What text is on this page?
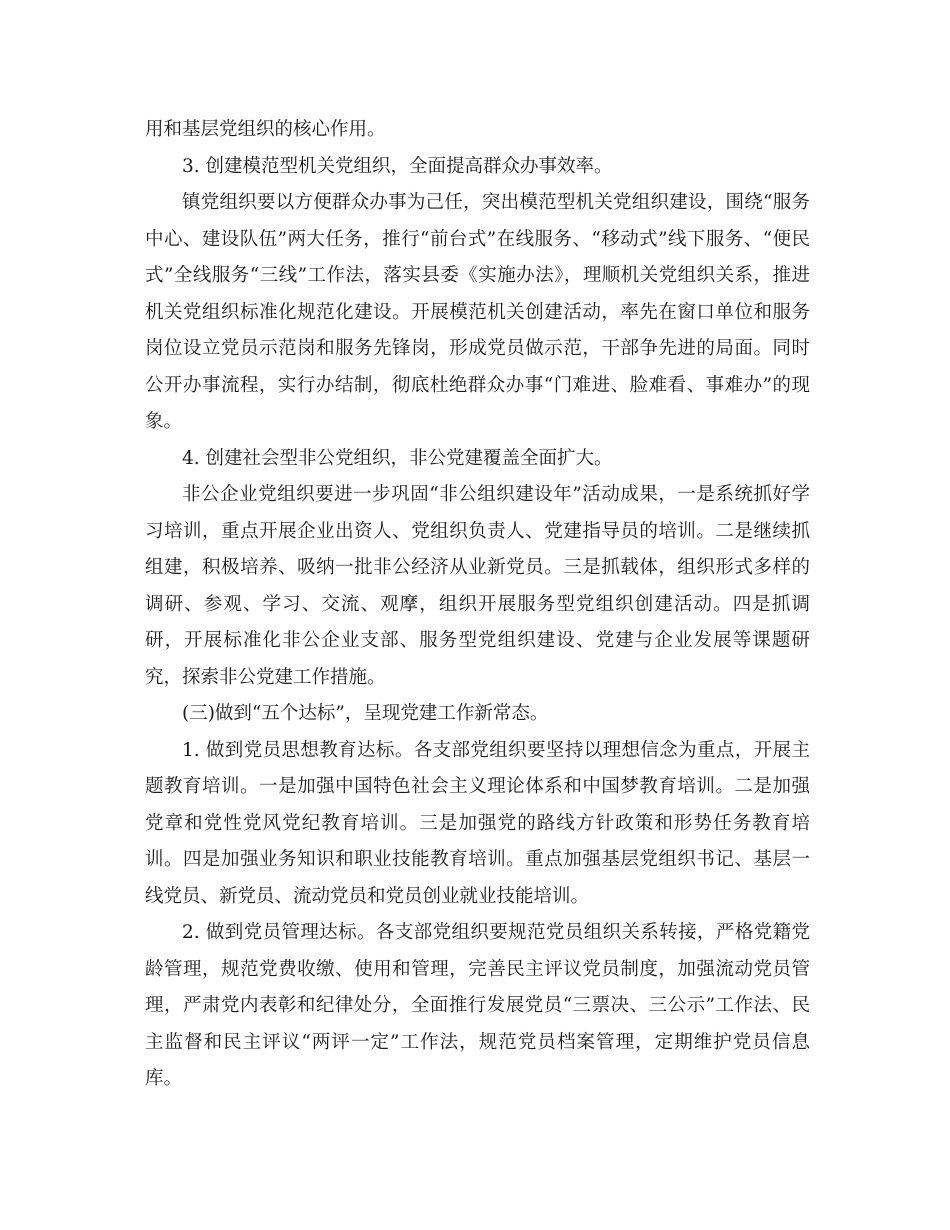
用和基层党组织的核心作用。

3. 创建模范型机关党组织，全面提高群众办事效率。

镇党组织要以方便群众办事为己任，突出模范型机关党组织建设，围绕“服务中心、建设队伍”两大任务，推行“前台式”在线服务、“移动式”线下服务、“便民式”全线服务“三线”工作法，落实县委《实施办法》，理顺机关党组织关系，推进机关党组织标准化规范化建设。开展模范机关创建活动，率先在窗口单位和服务岗位设立党员示范岗和服务先锋岗，形成党员做示范，干部争先进的局面。同时公开办事流程，实行办结制，彻底杜绝群众办事“门难进、脸难看、事难办”的现象。

4. 创建社会型非公党组织，非公党建覆盖全面扩大。

非公企业党组织要进一步巩固“非公组织建设年”活动成果，一是系统抓好学习培训，重点开展企业出资人、党组织负责人、党建指导员的培训。二是继续抓组建，积极培养、吸纳一批非公经济从业新党员。三是抓载体，组织形式多样的调研、参观、学习、交流、观摩，组织开展服务型党组织创建活动。四是抓调研，开展标准化非公企业支部、服务型党组织建设、党建与企业发展等课题研究，探索非公党建工作措施。

(三)做到“五个达标”，呈现党建工作新常态。

1. 做到党员思想教育达标。各支部党组织要坚持以理想信念为重点，开展主题教育培训。一是加强中国特色社会主义理论体系和中国梦教育培训。二是加强党章和党性党风党纪教育培训。三是加强党的路线方针政策和形势任务教育培训。四是加强业务知识和职业技能教育培训。重点加强基层党组织书记、基层一线党员、新党员、流动党员和党员创业就业技能培训。

2. 做到党员管理达标。各支部党组织要规范党员组织关系转接，严格党籍党龄管理，规范党费收缴、使用和管理，完善民主评议党员制度，加强流动党员管理，严肃党内表彰和纪律处分，全面推行发展党员“三票决、三公示”工作法、民主监督和民主评议“两评一定”工作法，规范党员档案管理，定期维护党员信息库。
